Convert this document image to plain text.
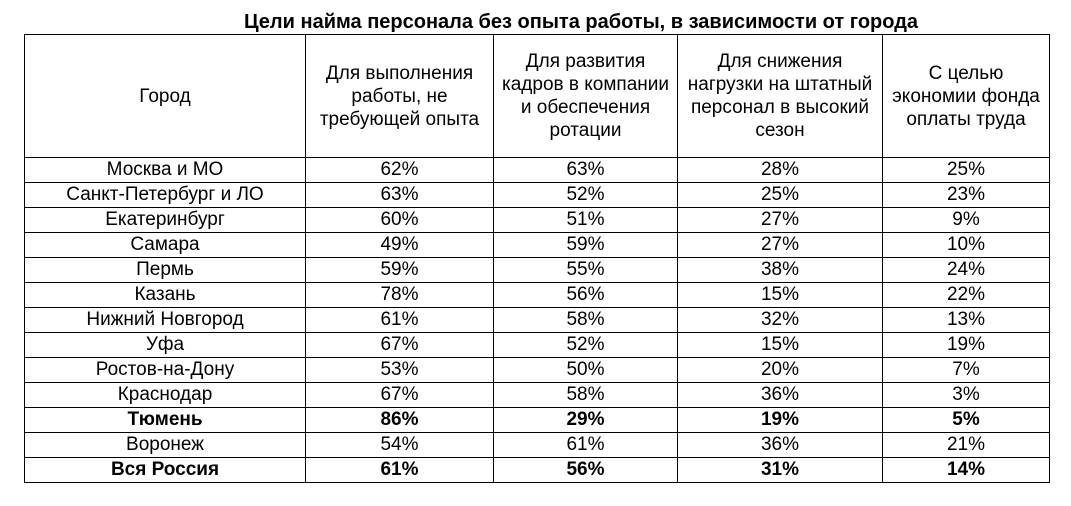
Цели найма персонала без опыта работы, в зависимости от города
Город	Для выполнения работы, не требующей опыта	Для развития кадров в компании и обеспечения ротации	Для снижения нагрузки на штатный персонал в высокий сезон	С целью экономии фонда оплаты труда
Москва и МО	62%	63%	28%	25%
Санкт-Петербург и ЛО	63%	52%	25%	23%
Екатеринбург	60%	51%	27%	9%
Самара	49%	59%	27%	10%
Пермь	59%	55%	38%	24%
Казань	78%	56%	15%	22%
Нижний Новгород	61%	58%	32%	13%
Уфа	67%	52%	15%	19%
Ростов-на-Дону	53%	50%	20%	7%
Краснодар	67%	58%	36%	3%
Тюмень	86%	29%	19%	5%
Воронеж	54%	61%	36%	21%
Вся Россия	61%	56%	31%	14%
